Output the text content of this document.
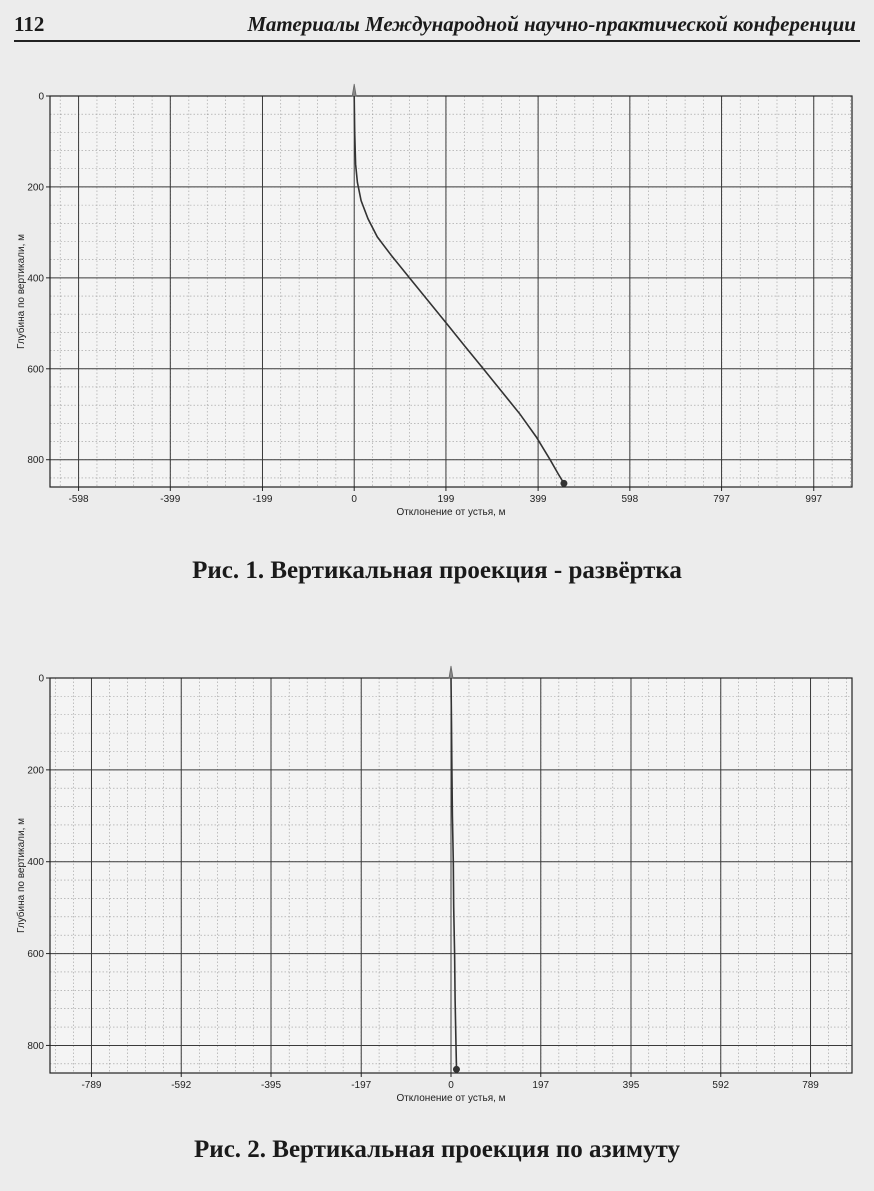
112	Материалы Международной научно-практической конференции
-598	-399	-199	0	199	399	598	797	997
0
200
400
600
800
Отклонение от устья, м
Глубина по вертикали, м
Рис. 1. Вертикальная проекция - развёртка
-789	-592	-395	-197	0	197	395	592	789
0
200
400
600
800
Отклонение от устья, м
Глубина по вертикали, м
Рис. 2. Вертикальная проекция по азимуту
